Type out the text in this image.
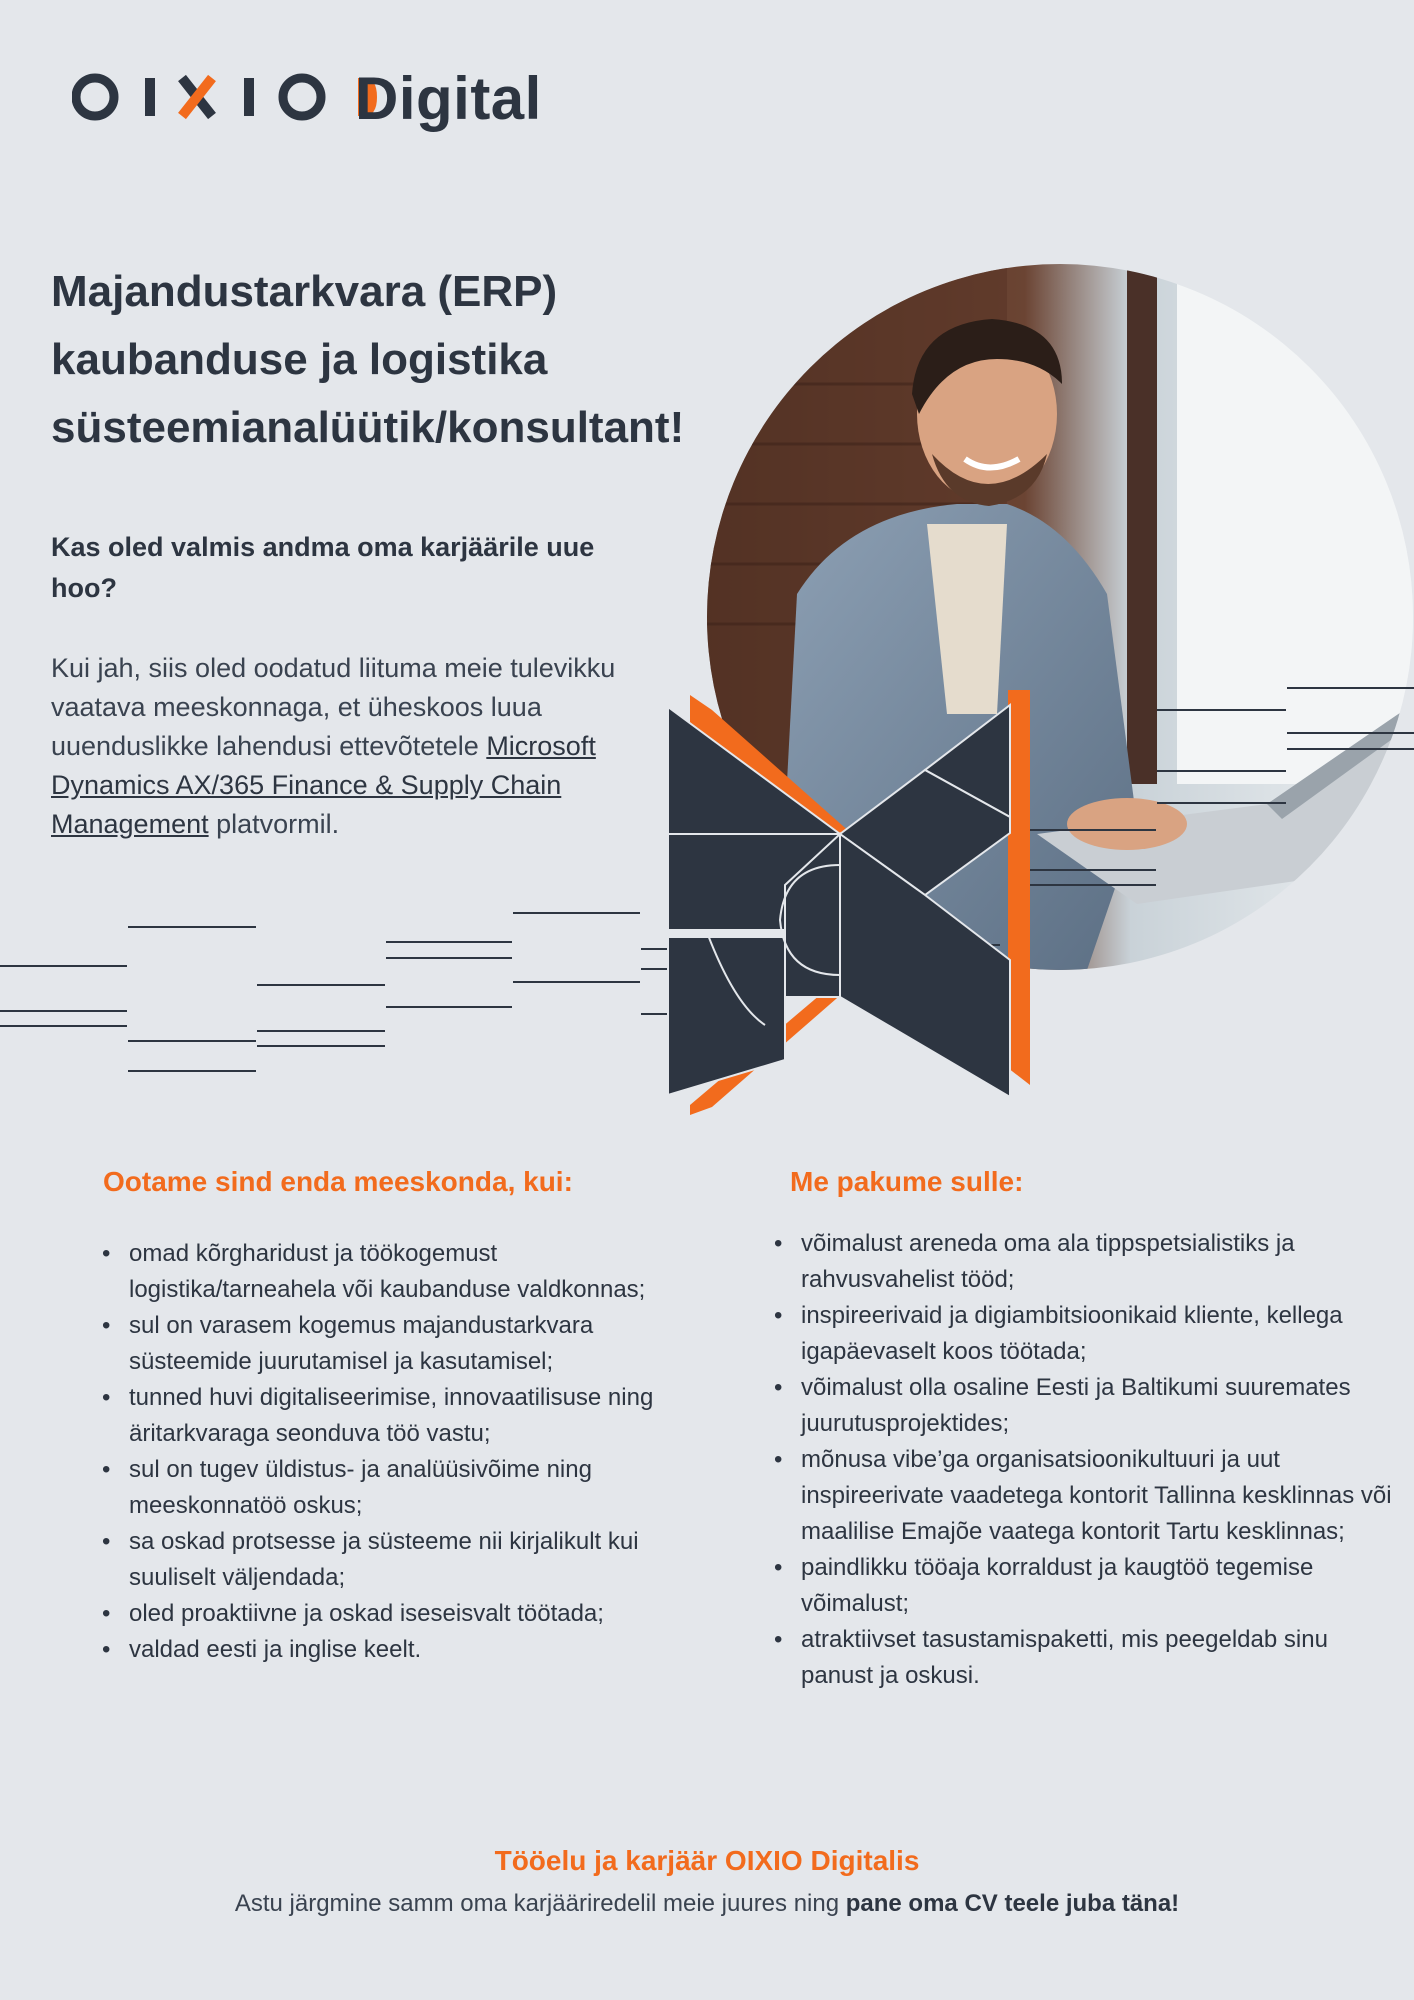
Digital
Majandustarkvara (ERP) kaubanduse ja logistika süsteemianalüütik/konsultant!

Kas oled valmis andma oma karjäärile uue hoo?

Kui jah, siis oled oodatud liituma meie tulevikku vaatava meeskonnaga, et üheskoos luua uuenduslikke lahendusi ettevõtetele Microsoft Dynamics AX/365 Finance & Supply Chain Management platvormil.

Ootame sind enda meeskonda, kui:
• omad kõrgharidust ja töökogemust logistika/tarneahela või kaubanduse valdkonnas;
• sul on varasem kogemus majandustarkvara süsteemide juurutamisel ja kasutamisel;
• tunned huvi digitaliseerimise, innovaatilisuse ning äritarkvaraga seonduva töö vastu;
• sul on tugev üldistus- ja analüüsivõime ning meeskonnatöö oskus;
• sa oskad protsesse ja süsteeme nii kirjalikult kui suuliselt väljendada;
• oled proaktiivne ja oskad iseseisvalt töötada;
• valdad eesti ja inglise keelt.
Me pakume sulle:
• võimalust areneda oma ala tippspetsialistiks ja rahvusvahelist tööd;
• inspireerivaid ja digiambitsioonikaid kliente, kellega igapäevaselt koos töötada;
• võimalust olla osaline Eesti ja Baltikumi suuremates juurutusprojektides;
• mõnusa vibe’ga organisatsioonikultuuri ja uut inspireerivate vaadetega kontorit Tallinna kesklinnas või maalilise Emajõe vaatega kontorit Tartu kesklinnas;
• paindlikku tööaja korraldust ja kaugtöö tegemise võimalust;
• atraktiivset tasustamispaketti, mis peegeldab sinu panust ja oskusi.
Tööelu ja karjäär OIXIO Digitalis

Astu järgmine samm oma karjääriredelil meie juures ning pane oma CV teele juba täna!
